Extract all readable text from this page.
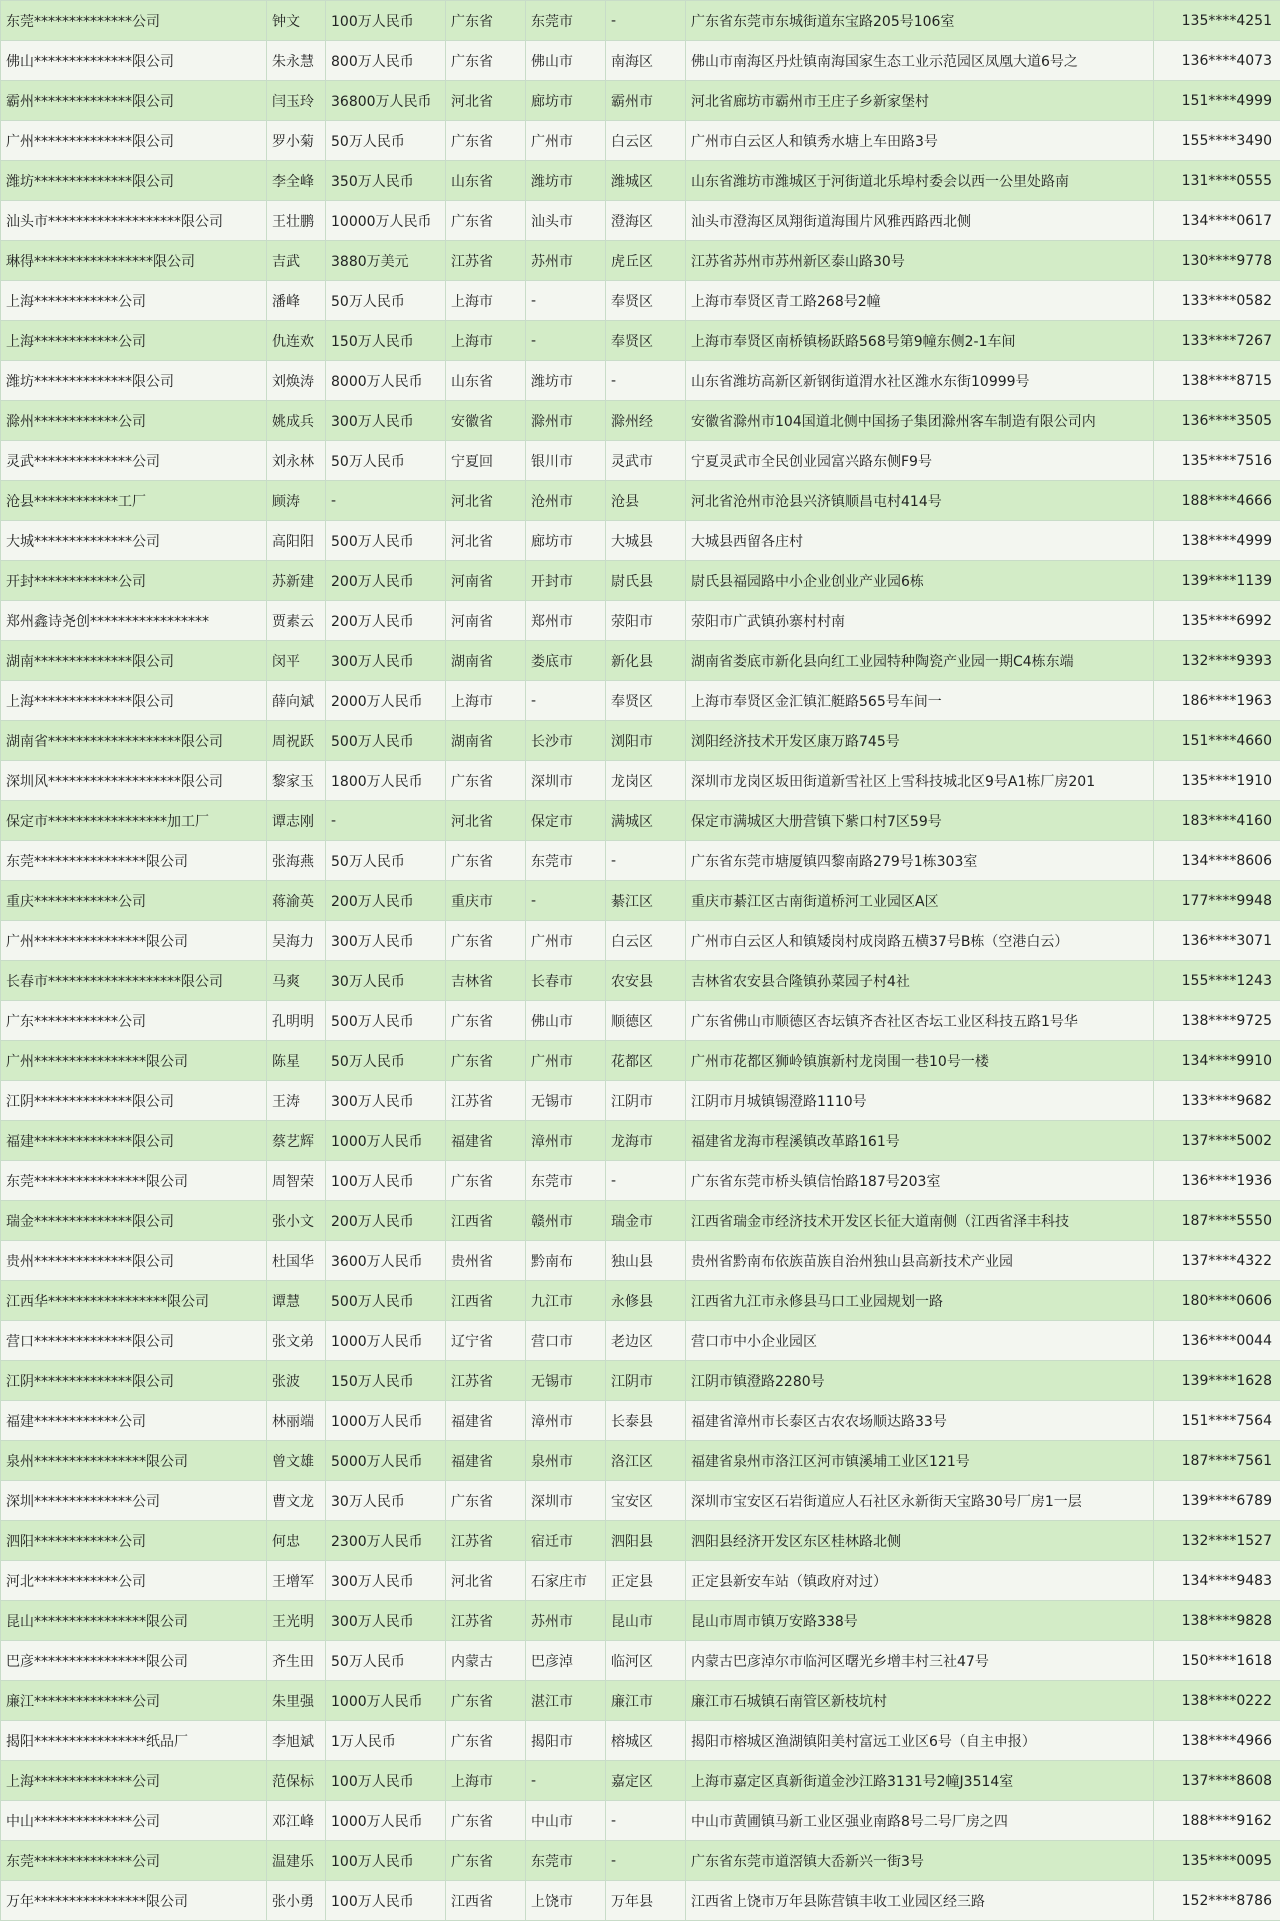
东莞**************公司	钟文	100万人民币	广东省	东莞市	-	广东省东莞市东城街道东宝路205号106室	135****4251
佛山**************限公司	朱永慧	800万人民币	广东省	佛山市	南海区	佛山市南海区丹灶镇南海国家生态工业示范园区凤凰大道6号之	136****4073
霸州**************限公司	闫玉玲	36800万人民币	河北省	廊坊市	霸州市	河北省廊坊市霸州市王庄子乡新家堡村	151****4999
广州**************限公司	罗小菊	50万人民币	广东省	广州市	白云区	广州市白云区人和镇秀水塘上车田路3号	155****3490
潍坊**************限公司	李全峰	350万人民币	山东省	潍坊市	潍城区	山东省潍坊市潍城区于河街道北乐埠村委会以西一公里处路南	131****0555
汕头市*******************限公司	王壮鹏	10000万人民币	广东省	汕头市	澄海区	汕头市澄海区凤翔街道海围片风雅西路西北侧	134****0617
琳得*****************限公司	吉武	3880万美元	江苏省	苏州市	虎丘区	江苏省苏州市苏州新区泰山路30号	130****9778
上海************公司	潘峰	50万人民币	上海市	-	奉贤区	上海市奉贤区青工路268号2幢	133****0582
上海************公司	仇连欢	150万人民币	上海市	-	奉贤区	上海市奉贤区南桥镇杨跃路568号第9幢东侧2-1车间	133****7267
潍坊**************限公司	刘焕涛	8000万人民币	山东省	潍坊市	-	山东省潍坊高新区新钢街道渭水社区潍水东街10999号	138****8715
滁州************公司	姚成兵	300万人民币	安徽省	滁州市	滁州经	安徽省滁州市104国道北侧中国扬子集团滁州客车制造有限公司内	136****3505
灵武**************公司	刘永林	50万人民币	宁夏回	银川市	灵武市	宁夏灵武市全民创业园富兴路东侧F9号	135****7516
沧县************工厂	顾涛	-	河北省	沧州市	沧县	河北省沧州市沧县兴济镇顺昌屯村414号	188****4666
大城**************公司	高阳阳	500万人民币	河北省	廊坊市	大城县	大城县西留各庄村	138****4999
开封************公司	苏新建	200万人民币	河南省	开封市	尉氏县	尉氏县福园路中小企业创业产业园6栋	139****1139
郑州鑫诗尧创*****************	贾素云	200万人民币	河南省	郑州市	荥阳市	荥阳市广武镇孙寨村村南	135****6992
湖南**************限公司	闵平	300万人民币	湖南省	娄底市	新化县	湖南省娄底市新化县向红工业园特种陶瓷产业园一期C4栋东端	132****9393
上海**************限公司	薛向斌	2000万人民币	上海市	-	奉贤区	上海市奉贤区金汇镇汇艇路565号车间一	186****1963
湖南省*******************限公司	周祝跃	500万人民币	湖南省	长沙市	浏阳市	浏阳经济技术开发区康万路745号	151****4660
深圳风*******************限公司	黎家玉	1800万人民币	广东省	深圳市	龙岗区	深圳市龙岗区坂田街道新雪社区上雪科技城北区9号A1栋厂房201	135****1910
保定市*****************加工厂	谭志刚	-	河北省	保定市	满城区	保定市满城区大册营镇下紫口村7区59号	183****4160
东莞****************限公司	张海燕	50万人民币	广东省	东莞市	-	广东省东莞市塘厦镇四黎南路279号1栋303室	134****8606
重庆************公司	蒋渝英	200万人民币	重庆市	-	綦江区	重庆市綦江区古南街道桥河工业园区A区	177****9948
广州****************限公司	吴海力	300万人民币	广东省	广州市	白云区	广州市白云区人和镇矮岗村成岗路五横37号B栋（空港白云）	136****3071
长春市*******************限公司	马爽	30万人民币	吉林省	长春市	农安县	吉林省农安县合隆镇孙菜园子村4社	155****1243
广东************公司	孔明明	500万人民币	广东省	佛山市	顺德区	广东省佛山市顺德区杏坛镇齐杏社区杏坛工业区科技五路1号华	138****9725
广州****************限公司	陈星	50万人民币	广东省	广州市	花都区	广州市花都区狮岭镇旗新村龙岗围一巷10号一楼	134****9910
江阴**************限公司	王涛	300万人民币	江苏省	无锡市	江阴市	江阴市月城镇锡澄路1110号	133****9682
福建**************限公司	蔡艺辉	1000万人民币	福建省	漳州市	龙海市	福建省龙海市程溪镇改革路161号	137****5002
东莞****************限公司	周智荣	100万人民币	广东省	东莞市	-	广东省东莞市桥头镇信怡路187号203室	136****1936
瑞金**************限公司	张小文	200万人民币	江西省	赣州市	瑞金市	江西省瑞金市经济技术开发区长征大道南侧（江西省泽丰科技	187****5550
贵州**************限公司	杜国华	3600万人民币	贵州省	黔南布	独山县	贵州省黔南布依族苗族自治州独山县高新技术产业园	137****4322
江西华*****************限公司	谭慧	500万人民币	江西省	九江市	永修县	江西省九江市永修县马口工业园规划一路	180****0606
营口**************限公司	张文弟	1000万人民币	辽宁省	营口市	老边区	营口市中小企业园区	136****0044
江阴**************限公司	张波	150万人民币	江苏省	无锡市	江阴市	江阴市镇澄路2280号	139****1628
福建************公司	林丽端	1000万人民币	福建省	漳州市	长泰县	福建省漳州市长泰区古农农场顺达路33号	151****7564
泉州****************限公司	曾文雄	5000万人民币	福建省	泉州市	洛江区	福建省泉州市洛江区河市镇溪埔工业区121号	187****7561
深圳**************公司	曹文龙	30万人民币	广东省	深圳市	宝安区	深圳市宝安区石岩街道应人石社区永新街天宝路30号厂房1一层	139****6789
泗阳************公司	何忠	2300万人民币	江苏省	宿迁市	泗阳县	泗阳县经济开发区东区桂林路北侧	132****1527
河北************公司	王增军	300万人民币	河北省	石家庄市	正定县	正定县新安车站（镇政府对过）	134****9483
昆山****************限公司	王光明	300万人民币	江苏省	苏州市	昆山市	昆山市周市镇万安路338号	138****9828
巴彦****************限公司	齐生田	50万人民币	内蒙古	巴彦淖	临河区	内蒙古巴彦淖尔市临河区曙光乡增丰村三社47号	150****1618
廉江**************公司	朱里强	1000万人民币	广东省	湛江市	廉江市	廉江市石城镇石南管区新枝坑村	138****0222
揭阳****************纸品厂	李旭斌	1万人民币	广东省	揭阳市	榕城区	揭阳市榕城区渔湖镇阳美村富远工业区6号（自主申报）	138****4966
上海**************公司	范保标	100万人民币	上海市	-	嘉定区	上海市嘉定区真新街道金沙江路3131号2幢J3514室	137****8608
中山**************公司	邓江峰	1000万人民币	广东省	中山市	-	中山市黄圃镇马新工业区强业南路8号二号厂房之四	188****9162
东莞**************公司	温建乐	100万人民币	广东省	东莞市	-	广东省东莞市道滘镇大岙新兴一街3号	135****0095
万年****************限公司	张小勇	100万人民币	江西省	上饶市	万年县	江西省上饶市万年县陈营镇丰收工业园区经三路	152****8786
